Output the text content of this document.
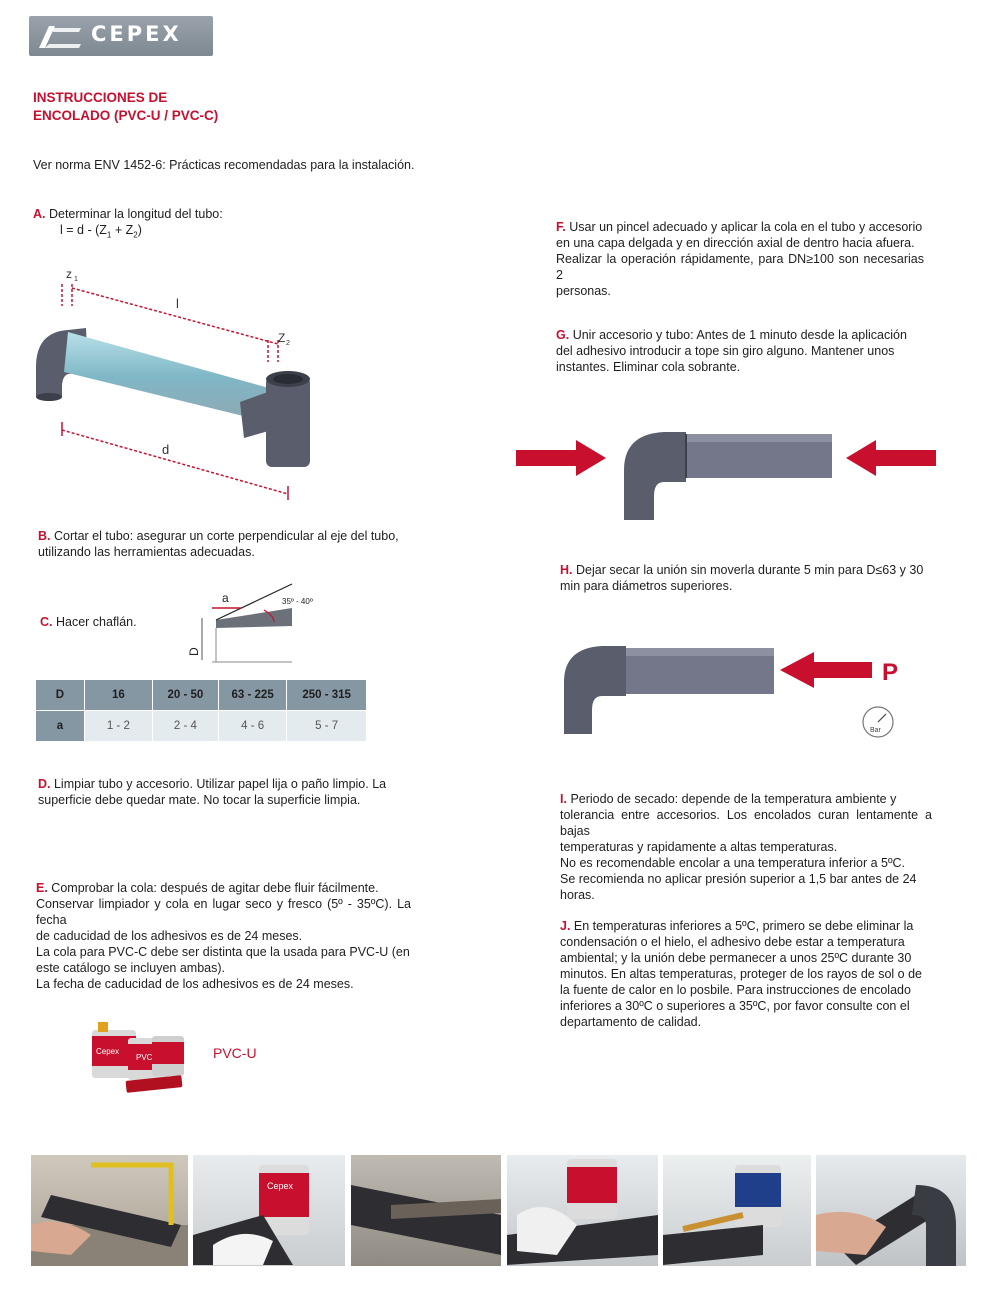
CEPEX
INSTRUCCIONES DE
ENCOLADO (PVC-U / PVC-C)
Ver norma ENV 1452-6: Prácticas recomendadas para la instalación.
A. Determinar la longitud del tubo:
$l = d - (Z_1 + Z_2)$
z 1
l
Z 2
d
B. Cortar el tubo: asegurar un corte perpendicular al eje del tubo,
utilizando las herramientas adecuadas.
C. Hacer chaflán.
a	35º - 40º
D
D	16	20 - 50	63 - 225	250 - 315
a	1 - 2	2 - 4	4 - 6	5 - 7
D. Limpiar tubo y accesorio. Utilizar papel lija o paño limpio. La
superficie debe quedar mate. No tocar la superficie limpia.
E. Comprobar la cola: después de agitar debe fluir fácilmente.
Conservar limpiador y cola en lugar seco y fresco (5º - 35ºC). La fecha
de caducidad de los adhesivos es de 24 meses.
La cola para PVC-C debe ser distinta que la usada para PVC-U (en
este catálogo se incluyen ambas).
La fecha de caducidad de los adhesivos es de 24 meses.
Cepex
PVC	PVC-U
F. Usar un pincel adecuado y aplicar la cola en el tubo y accesorio
en una capa delgada y en dirección axial de dentro hacia afuera.
Realizar la operación rápidamente, para DN≥100 son necesarias 2
personas.
G. Unir accesorio y tubo: Antes de 1 minuto desde la aplicación
del adhesivo introducir a tope sin giro alguno. Mantener unos
instantes. Eliminar cola sobrante.
H. Dejar secar la unión sin moverla durante 5 min para D≤63 y 30
min para diámetros superiores.
P
Bar
I. Periodo de secado: depende de la temperatura ambiente y
tolerancia entre accesorios. Los encolados curan lentamente a bajas
temperaturas y rapidamente a altas temperaturas.
No es recomendable encolar a una temperatura inferior a 5ºC.
Se recomienda no aplicar presión superior a 1,5 bar antes de 24
horas.
J. En temperaturas inferiores a 5ºC, primero se debe eliminar la
condensación o el hielo, el adhesivo debe estar a temperatura
ambiental; y la unión debe permanecer a unos 25ºC durante 30
minutos. En altas temperaturas, proteger de los rayos de sol o de
la fuente de calor en lo posbile. Para instrucciones de encolado
inferiores a 30ºC o superiores a 35ºC, por favor consulte con el
departamento de calidad.
Cepex
